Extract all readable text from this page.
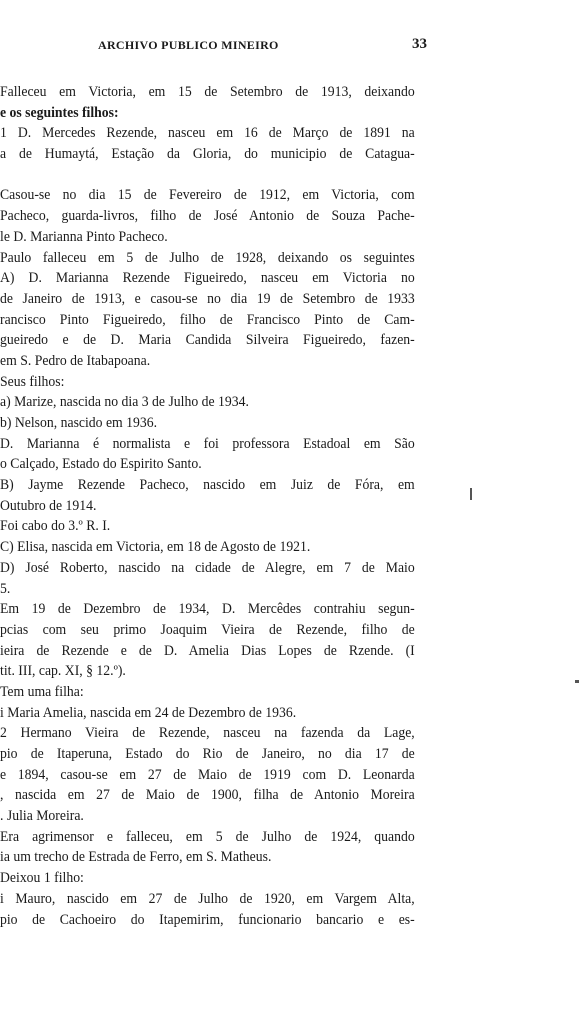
ARCHIVO PUBLICO MINEIRO	33
Falleceu em Victoria, em 15 de Setembro de 1913, deixando
e os seguintes filhos:
1 D. Mercedes Rezende, nasceu em 16 de Março de 1891 na
a de Humaytá, Estação da Gloria, do municipio de Catagua-
Casou-se no dia 15 de Fevereiro de 1912, em Victoria, com
Pacheco, guarda-livros, filho de José Antonio de Souza Pache-
le D. Marianna Pinto Pacheco.
Paulo falleceu em 5 de Julho de 1928, deixando os seguintes
A) D. Marianna Rezende Figueiredo, nasceu em Victoria no
de Janeiro de 1913, e casou-se no dia 19 de Setembro de 1933
rancisco Pinto Figueiredo, filho de Francisco Pinto de Cam-
gueiredo e de D. Maria Candida Silveira Figueiredo, fazen-
em S. Pedro de Itabapoana.
Seus filhos:
a) Marize, nascida no dia 3 de Julho de 1934.
b) Nelson, nascido em 1936.
D. Marianna é normalista e foi professora Estadoal em São
o Calçado, Estado do Espirito Santo.
B) Jayme Rezende Pacheco, nascido em Juiz de Fóra, em
Outubro de 1914.
Foi cabo do 3.º R. I.
C) Elisa, nascida em Victoria, em 18 de Agosto de 1921.
D) José Roberto, nascido na cidade de Alegre, em 7 de Maio
5.
Em 19 de Dezembro de 1934, D. Mercêdes contrahiu segun-
pcias com seu primo Joaquim Vieira de Rezende, filho de
ieira de Rezende e de D. Amelia Dias Lopes de Rzende. (I
tit. III, cap. XI, § 12.º).
Tem uma filha:
i Maria Amelia, nascida em 24 de Dezembro de 1936.
2 Hermano Vieira de Rezende, nasceu na fazenda da Lage,
pio de Itaperuna, Estado do Rio de Janeiro, no dia 17 de
e 1894, casou-se em 27 de Maio de 1919 com D. Leonarda
, nascida em 27 de Maio de 1900, filha de Antonio Moreira
. Julia Moreira.
Era agrimensor e falleceu, em 5 de Julho de 1924, quando
ia um trecho de Estrada de Ferro, em S. Matheus.
Deixou 1 filho:
i Mauro, nascido em 27 de Julho de 1920, em Vargem Alta,
pio de Cachoeiro do Itapemirim, funcionario bancario e es-
